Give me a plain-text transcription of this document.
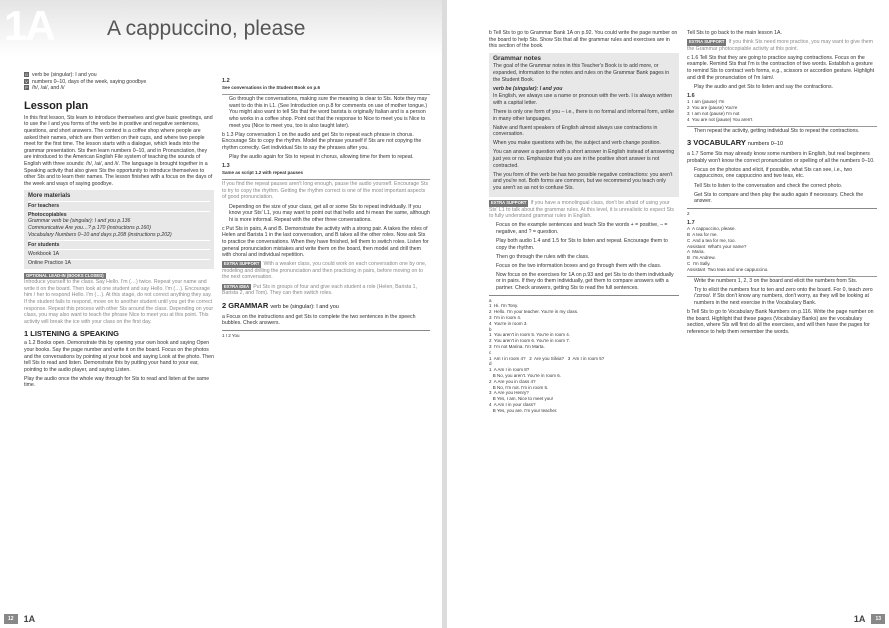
1A	A cappuccino, please
G verb be (singular): I and you
V numbers 0–10, days of the week, saying goodbye
P /h/, /ai/, and /i/
Lesson plan

In this first lesson, Sts learn to introduce themselves and give basic greetings, and to use the I and you forms of the verb be in positive and negative sentences, questions, and short answers. The context is a coffee shop where people are asked their names, which are then written on their cups, and where two people meet for the first time. The lesson starts with a dialogue, which leads into the grammar presentation. Sts then learn numbers 0–10, and in Pronunciation, they are introduced to the American English File system of teaching the sounds of English with three sounds: /h/, /ai/, and /i/. The language is brought together in a Speaking activity that also gives Sts the opportunity to introduce themselves to other Sts and to learn their names. The lesson finishes with a focus on the days of the week and ways of saying goodbye.

More materials
For teachers
Photocopiables
Grammar verb be (singular): I and you p.136
Communicative Are you…? p.170 (instructions p.160)
Vocabulary Numbers 0–10 and days p.208 (instructions p.202)
For students
Workbook 1A
Online Practice 1A
OPTIONAL LEAD-IN (BOOKS CLOSED)

Introduce yourself to the class. Say Hello. I'm (…) twice. Repeat your name and write it on the board. Then look at one student and say Hello. I'm (…). Encourage him / her to respond Hello. I'm (…). At this stage, do not correct anything they say. If the student fails to respond, move on to another student until you get the correct response. Repeat this process with other Sts around the class. Depending on your class, you may also want to teach the phrase Nice to meet you at this point. This activity will break the ice with your class on the first day.

1 LISTENING & SPEAKING

a 1.2 Books open. Demonstrate this by opening your own book and saying Open your books. Say the page number and write it on the board. Focus on the photos and the conversations by pointing at your book and saying Look at the photo. Then tell Sts to read and listen. Demonstrate this by putting your hand to your ear, pointing to the audio player, and saying Listen.

Play the audio once the whole way through for Sts to read and listen at the same time.

1.2
See conversations in the Student Book on p.6

Go through the conversations, making sure the meaning is clear to Sts. Note they may want to do this in L1. (See Introduction on p.8 for comments on use of mother tongue.) You might also want to tell Sts that the word barista is originally Italian and is a person who works in a coffee shop. Point out that the response to Nice to meet you is Nice to meet you (Nice to meet you, too is also taught later).

b 1.3 Play conversation 1 on the audio and get Sts to repeat each phrase in chorus. Encourage Sts to copy the rhythm. Model the phrase yourself if Sts are not copying the rhythm correctly. Get individual Sts to say the phrases after you.

Play the audio again for Sts to repeat in chorus, allowing time for them to repeat.

1.3
Same as script 1.2 with repeat pauses

If you find the repeat pauses aren't long enough, pause the audio yourself. Encourage Sts to try to copy the rhythm. Getting the rhythm correct is one of the most important aspects of good pronunciation.

Depending on the size of your class, get all or some Sts to repeat individually. If you know your Sts' L1, you may want to point out that hello and hi mean the same, although hi is more informal. Repeat with the other three conversations.

c Put Sts in pairs, A and B. Demonstrate the activity with a strong pair. A takes the roles of Helen and Barista 1 in the last conversation, and B takes all the other roles. Now ask Sts to practice the conversations. When they have finished, tell them to switch roles. Listen for general pronunciation mistakes and write them on the board, then model and drill them with choral and individual repetition.

EXTRA SUPPORT With a weaker class, you could work on each conversation one by one, modeling and drilling the pronunciation and then practicing in pairs, before moving on to the next conversation.

EXTRA IDEA Put Sts in groups of four and give each student a role (Helen, Barista 1, Barista 2, and Tom). They can then switch roles.

2 GRAMMAR verb be (singular): I and you

a Focus on the instructions and get Sts to complete the two sentences in the speech bubbles. Check answers.

1 I 2 You
12	1A

b Tell Sts to go to Grammar Bank 1A on p.92. You could write the page number on the board to help Sts. Show Sts that all the grammar rules and exercises are in this section of the book.

Grammar notes

The goal of the Grammar notes in this Teacher's Book is to add more, or expanded, information to the notes and rules on the Grammar Bank pages in the Student Book.

verb be (singular): I and you

In English, we always use a name or pronoun with the verb. I is always written with a capital letter.

There is only one form of you – i.e., there is no formal and informal form, unlike in many other languages.

Native and fluent speakers of English almost always use contractions in conversation.

When you make questions with be, the subject and verb change position.

You can answer a question with a short answer in English instead of answering just yes or no. Emphasize that you are in the positive short answer is not contracted.

The you form of the verb be has two possible negative contractions: you aren't and you're not. Both forms are common, but we recommend you teach only you aren't so as not to confuse Sts.

EXTRA SUPPORT If you have a monolingual class, don't be afraid of using your Sts' L1 to talk about the grammar rules. At this level, it is unrealistic to expect Sts to fully understand grammar rules in English.

Focus on the example sentences and teach Sts the words + = positive, – = negative, and ? = question.

Play both audio 1.4 and 1.5 for Sts to listen and repeat. Encourage them to copy the rhythm.

Then go through the rules with the class.

Focus on the two information boxes and go through them with the class.

Now focus on the exercises for 1A on p.93 and get Sts to do them individually or in pairs. If they do them individually, get them to compare answers with a partner. Check answers, getting Sts to read the full sentences.

a
1  Hi. I'm Tony.
2  Hello. I'm your teacher. You're in my class.
3  I'm in room 4.
4  You're in room 3.
b
1  You aren't in room 5. You're in room 4.
2  You aren't in room 6. You're in room 7.
3  I'm not Marina. I'm Marta.
c
1  Am I in room 4?   2  Are you Silvia?   3  Am I in room 5?
d
1  A Am I in room 8?
B No, you aren't. You're in room 6.
2  A Are you in class 4?
B No, I'm not. I'm in room 5.
3  A Are you Henry?
B Yes, I am. Nice to meet you!
4  A Am I in your class?
B Yes, you are. I'm your teacher.

Tell Sts to go back to the main lesson 1A.

EXTRA SUPPORT If you think Sts need more practice, you may want to give them the Grammar photocopiable activity at this point.

c 1.6 Tell Sts that they are going to practice saying contractions. Focus on the example. Remind Sts that I'm is the contraction of two words. Establish a gesture to remind Sts to contract verb forms, e.g., scissors or accordion gesture. Highlight and drill the pronunciation of I'm /aim/.

Play the audio and get Sts to listen and say the contractions.

1.6
1  I am (pause) I'm
2  You are (pause) You're
3  I am not (pause) I'm not
4  You are not (pause) You aren't

Then repeat the activity, getting individual Sts to repeat the contractions.

3 VOCABULARY numbers 0–10

a 1.7 Some Sts may already know some numbers in English, but real beginners probably won't know the correct pronunciation or spelling of all the numbers 0–10.

Focus on the photos and elicit, if possible, what Sts can see, i.e., two cappuccinos, one cappuccino and two teas, etc.

Tell Sts to listen to the conversation and check the correct photo.

Get Sts to compare and then play the audio again if necessary. Check the answer.

2
1.7
A  A cappuccino, please.
B  A tea for me.
C  And a tea for me, too.
Assistant  What's your name?
A  Maria.
B  I'm Andrew.
C  I'm Sally.
Assistant  Two teas and one cappuccino.

Write the numbers 1, 2, 3 on the board and elicit the numbers from Sts.

Try to elicit the numbers four to ten and zero onto the board. For 0, teach zero /'zɪroʊ/. If Sts don't know any numbers, don't worry, as they will be looking at numbers in the next exercise in the Vocabulary Bank.

b Tell Sts to go to Vocabulary Bank Numbers on p.116. Write the page number on the board. Highlight that these pages (Vocabulary Banks) are the vocabulary section, where Sts will first do all the exercises, and will then have the pages for reference to help them remember the words.

1A	13
